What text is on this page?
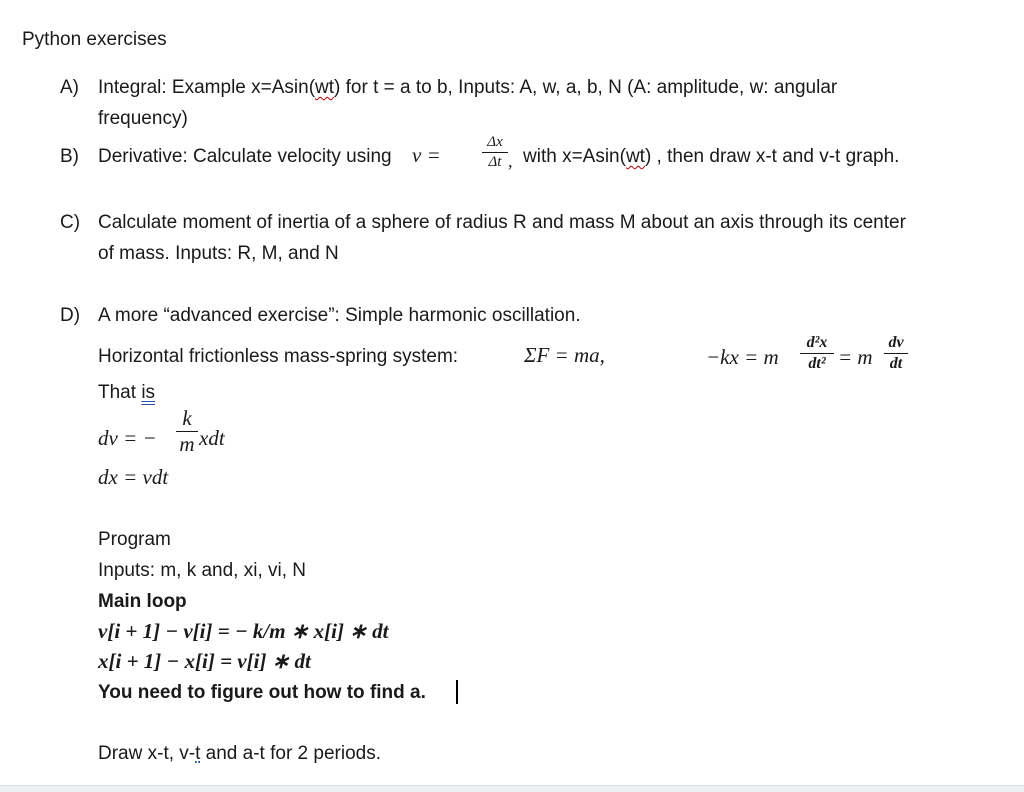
Python exercises
A) Integral: Example x=Asin(wt) for t = a to b, Inputs: A, w, a, b, N (A: amplitude, w: angular
frequency)
B) Derivative: Calculate velocity using v =
Δx
Δt , with x=Asin(wt) , then draw x-t and v-t graph.
C) Calculate moment of inertia of a sphere of radius R and mass M about an axis through its center
of mass. Inputs: R, M, and N
D) A more “advanced exercise”: Simple harmonic oscillation.
Horizontal frictionless mass-spring system:	ΣF = ma,	−kx = m
d²x
dt² = m
dv
dt
That is
dv = −
k
m xdt
dx = vdt
Program
Inputs: m, k and, xi, vi, N
Main loop
v[i + 1] − v[i] = − k/m ∗ x[i] ∗ dt
x[i + 1] − x[i] = v[i] ∗ dt
You need to figure out how to find a.
Draw x-t, v-t and a-t for 2 periods.
